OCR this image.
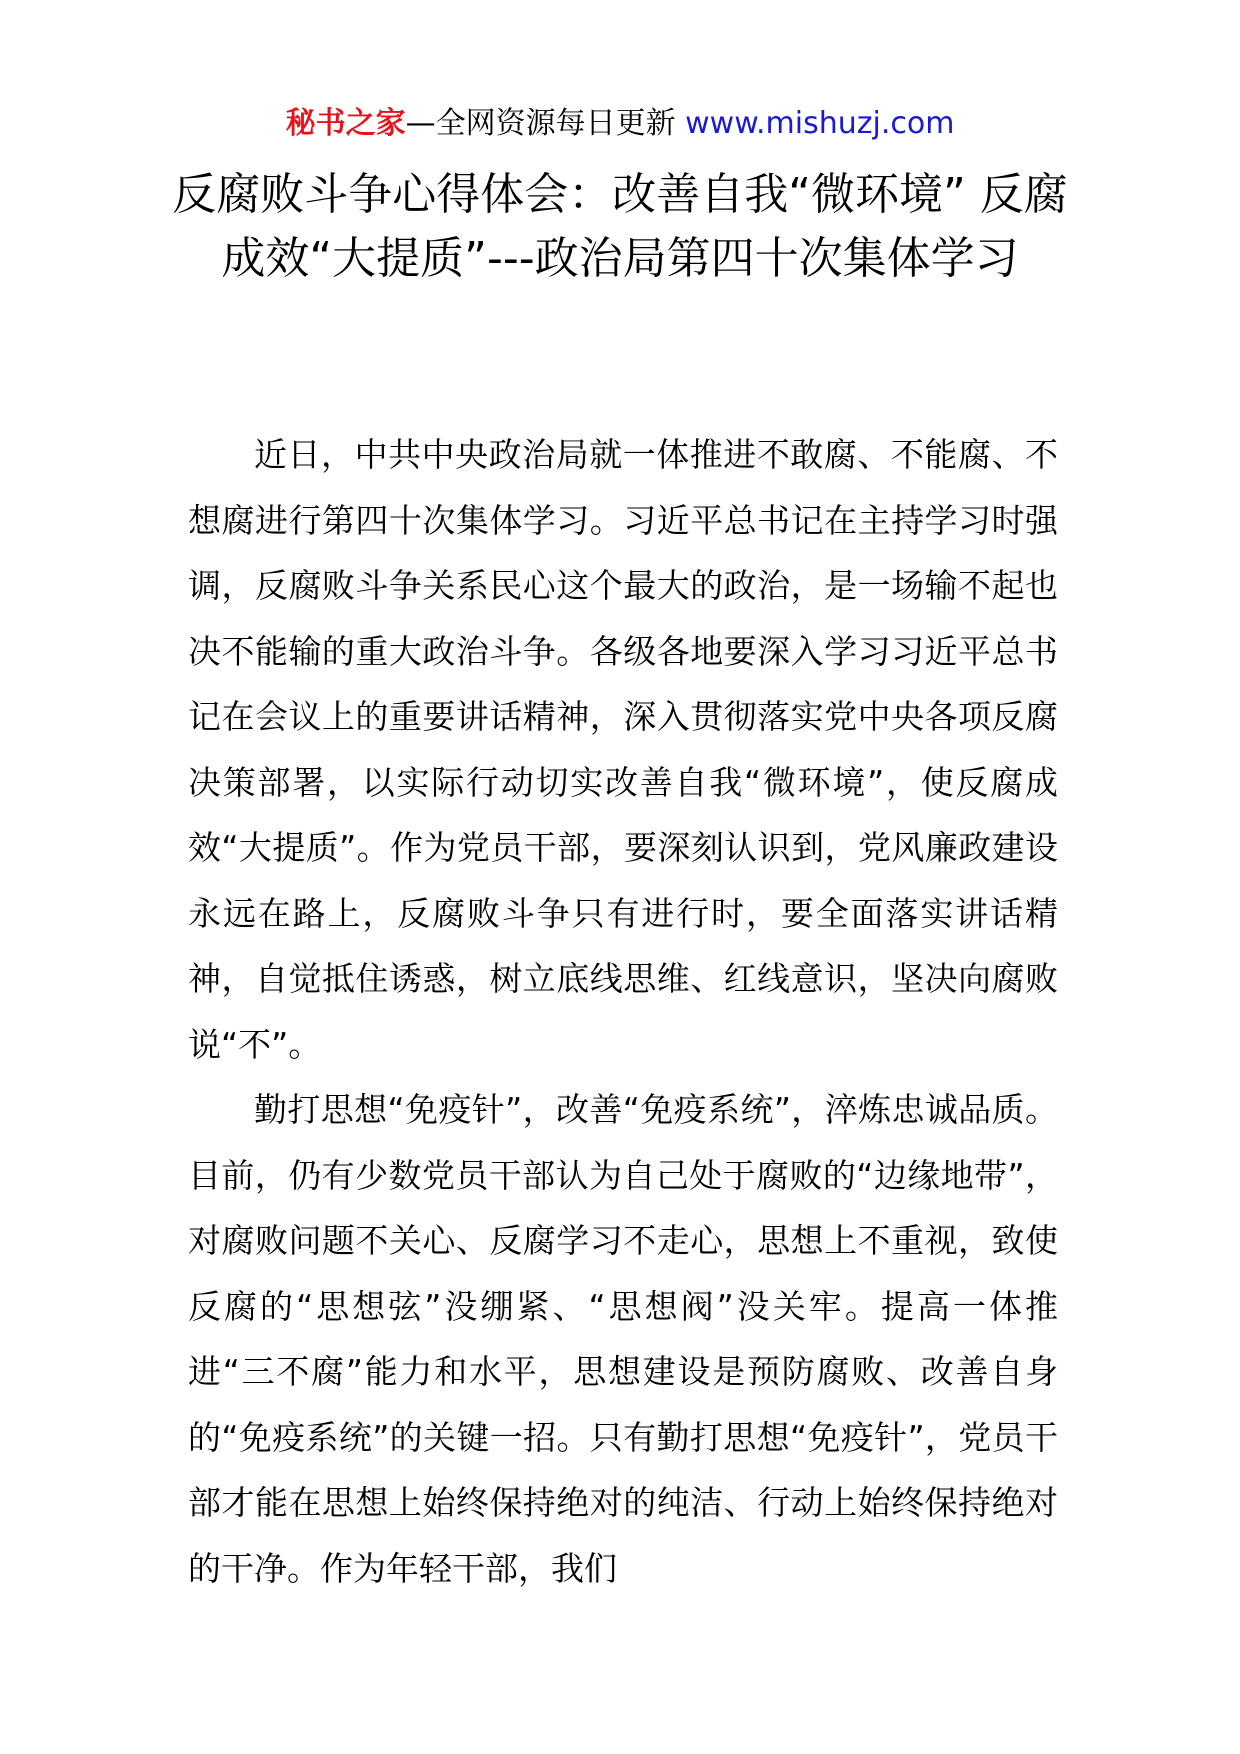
秘书之家—全网资源每日更新 www.mishuzj.com
反腐败斗争心得体会：改善自我“微环境” 反腐成效“大提质”---政治局第四十次集体学习

近日，中共中央政治局就一体推进不敢腐、不能腐、不想腐进行第四十次集体学习。习近平总书记在主持学习时强调，反腐败斗争关系民心这个最大的政治，是一场输不起也决不能输的重大政治斗争。各级各地要深入学习习近平总书记在会议上的重要讲话精神，深入贯彻落实党中央各项反腐决策部署，以实际行动切实改善自我“微环境”，使反腐成效“大提质”。作为党员干部，要深刻认识到，党风廉政建设永远在路上，反腐败斗争只有进行时，要全面落实讲话精神，自觉抵住诱惑，树立底线思维、红线意识，坚决向腐败说“不”。

勤打思想“免疫针”，改善“免疫系统”，淬炼忠诚品质。目前，仍有少数党员干部认为自己处于腐败的“边缘地带”，对腐败问题不关心、反腐学习不走心，思想上不重视，致使反腐的“思想弦”没绷紧、“思想阀”没关牢。提高一体推进“三不腐”能力和水平，思想建设是预防腐败、改善自身的“免疫系统”的关键一招。只有勤打思想“免疫针”，党员干部才能在思想上始终保持绝对的纯洁、行动上始终保持绝对的干净。作为年轻干部，我们
